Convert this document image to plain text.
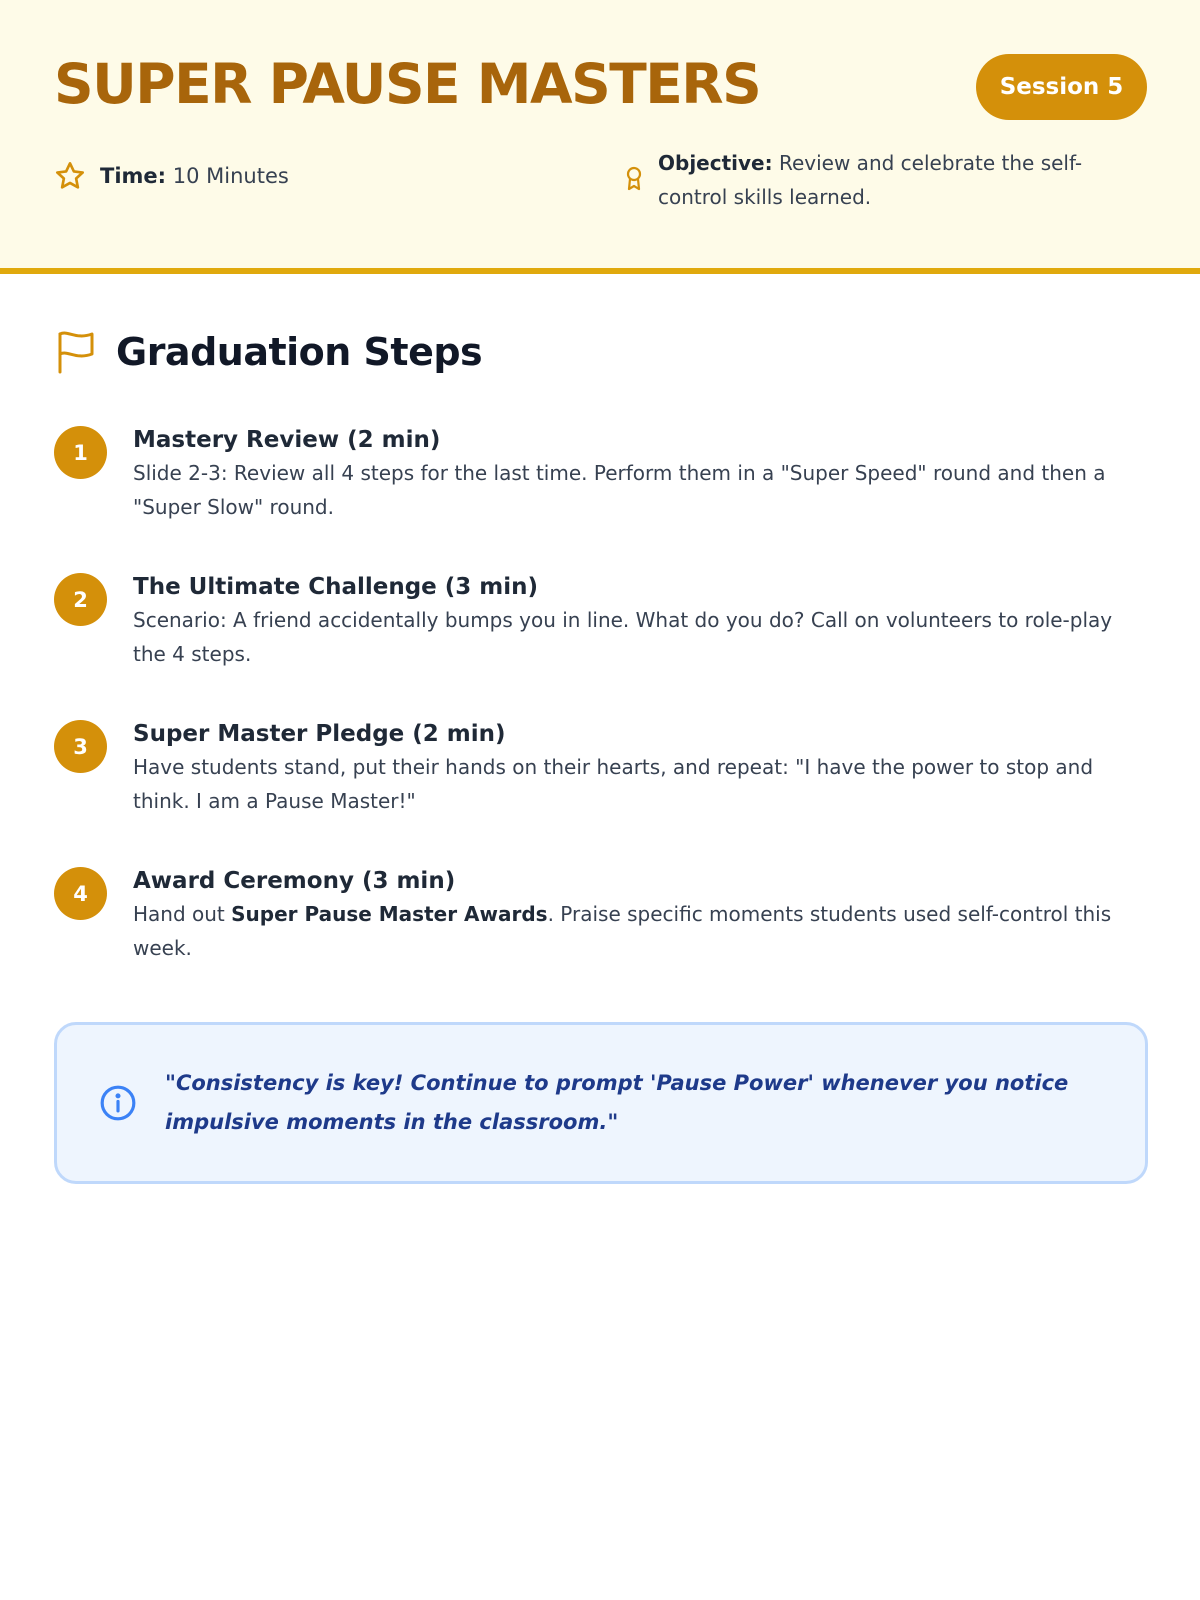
SUPER PAUSE MASTERS	Session 5
Time: 10 Minutes
Objective: Review and celebrate the self-control skills learned.
Graduation Steps
1	Mastery Review (2 min)
Slide 2-3: Review all 4 steps for the last time. Perform them in a "Super Speed" round and then a "Super Slow" round.
2	The Ultimate Challenge (3 min)
Scenario: A friend accidentally bumps you in line. What do you do? Call on volunteers to role-play the 4 steps.
3	Super Master Pledge (2 min)
Have students stand, put their hands on their hearts, and repeat: "I have the power to stop and think. I am a Pause Master!"
4	Award Ceremony (3 min)
Hand out Super Pause Master Awards. Praise specific moments students used self-control this week.
"Consistency is key! Continue to prompt 'Pause Power' whenever you notice impulsive moments in the classroom."
